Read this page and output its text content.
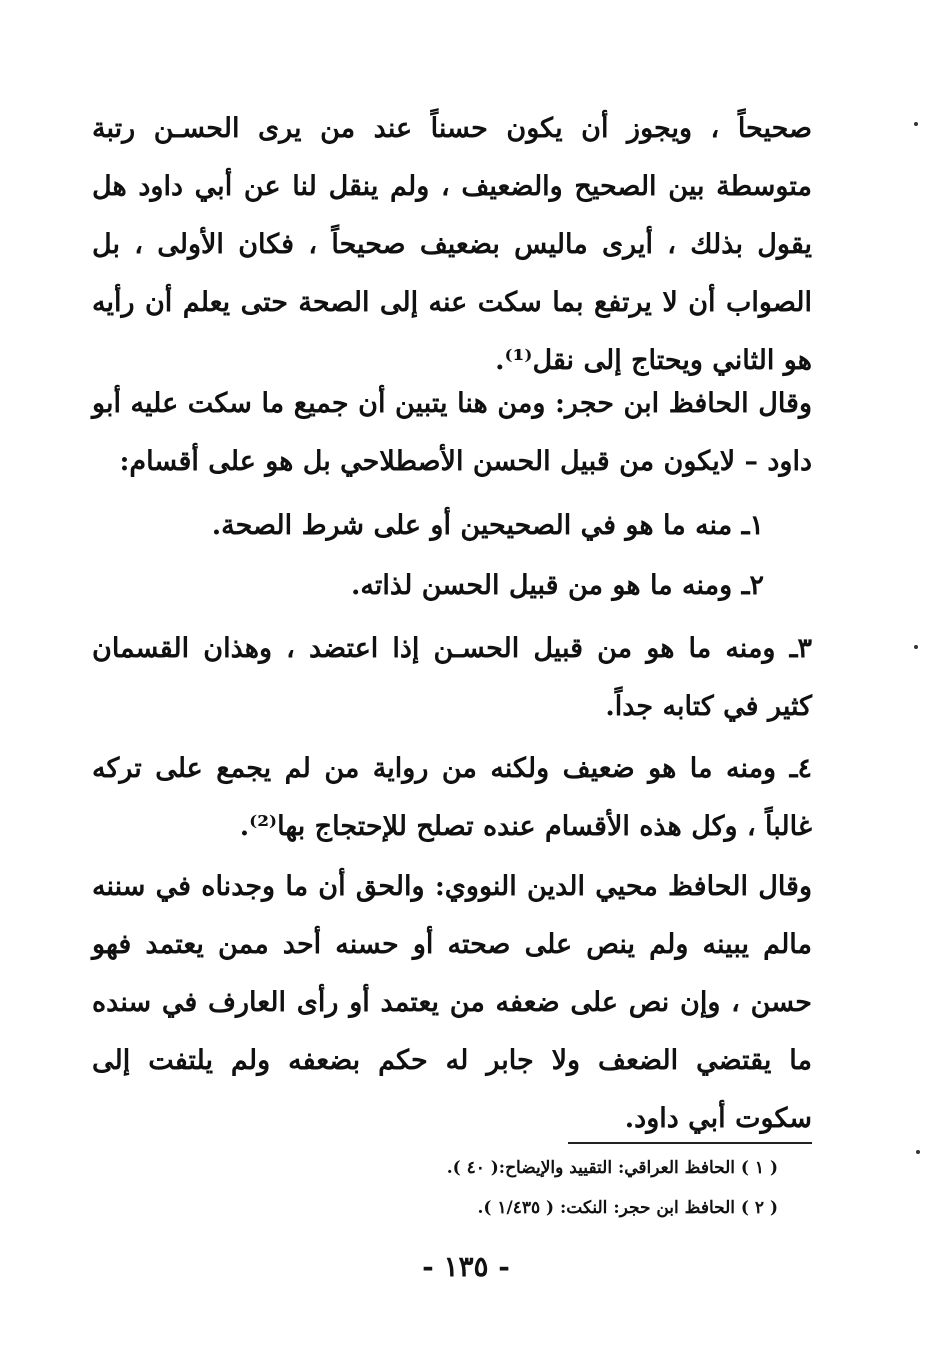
صحيحاً ، ويجوز أن يكون حسناً عند من يرى الحسـن رتبة متوسطة بين الصحيح والضعيف ، ولم ينقل لنا عن أبي داود هل يقول بذلك ، أيرى ماليس بضعيف صحيحاً ، فكان الأولى ، بل الصواب أن لا يرتفع بما سكت عنه إلى الصحة حتى يعلم أن رأيه هو الثاني ويحتاج إلى نقل⁽¹⁾.

وقال الحافظ ابن حجر: ومن هنا يتبين أن جميع ما سكت عليه أبو داود – لايكون من قبيل الحسن الأصطلاحي بل هو على أقسام:

١ـ منه ما هو في الصحيحين أو على شرط الصحة.

٢ـ ومنه ما هو من قبيل الحسن لذاته.

٣ـ ومنه ما هو من قبيل الحسـن إذا اعتضد ، وهذان القسمان كثير في كتابه جداً.

٤ـ ومنه ما هو ضعيف ولكنه من رواية من لم يجمع على تركه غالباً ، وكل هذه الأقسام عنده تصلح للإحتجاج بها⁽²⁾.

وقال الحافظ محيي الدين النووي: والحق أن ما وجدناه في سننه مالم يبينه ولم ينص على صحته أو حسنه أحد ممن يعتمد فهو حسن ، وإن نص على ضعفه من يعتمد أو رأى العارف في سنده ما يقتضي الضعف ولا جابر له حكم بضعفه ولم يلتفت إلى سكوت أبي داود.

( ١ ) الحافظ العراقي: التقييد والإيضاح:( ٤٠ ).
( ٢ ) الحافظ ابن حجر: النكت: ( ١/٤٣٥ ).
- ١٣٥ -
